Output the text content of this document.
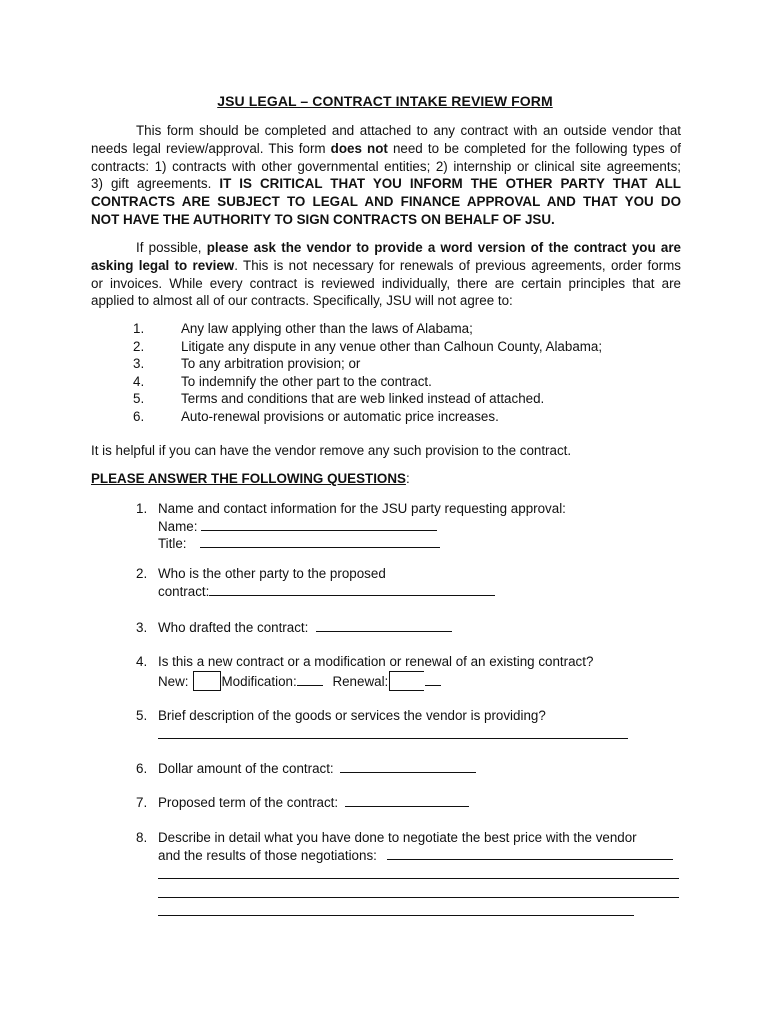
JSU LEGAL – CONTRACT INTAKE REVIEW FORM
This form should be completed and attached to any contract with an outside vendor that
needs legal review/approval. This form does not need to be completed for the following types of
contracts: 1) contracts with other governmental entities; 2) internship or clinical site agreements;
3) gift agreements. IT IS CRITICAL THAT YOU INFORM THE OTHER PARTY THAT ALL
CONTRACTS ARE SUBJECT TO LEGAL AND FINANCE APPROVAL AND THAT YOU DO
NOT HAVE THE AUTHORITY TO SIGN CONTRACTS ON BEHALF OF JSU.
If possible, please ask the vendor to provide a word version of the contract you are
asking legal to review. This is not necessary for renewals of previous agreements, order forms
or invoices. While every contract is reviewed individually, there are certain principles that are
applied to almost all of our contracts. Specifically, JSU will not agree to:
1.	Any law applying other than the laws of Alabama;
2.	Litigate any dispute in any venue other than Calhoun County, Alabama;
3.	To any arbitration provision; or
4.	To indemnify the other part to the contract.
5.	Terms and conditions that are web linked instead of attached.
6.	Auto-renewal provisions or automatic price increases.
It is helpful if you can have the vendor remove any such provision to the contract.
PLEASE ANSWER THE FOLLOWING QUESTIONS:
1. Name and contact information for the JSU party requesting approval:
Name:
Title:
2. Who is the other party to the proposed
contract:
3. Who drafted the contract:
4. Is this a new contract or a modification or renewal of an existing contract?
New: Modification:	Renewal:
5. Brief description of the goods or services the vendor is providing?
6. Dollar amount of the contract:
7. Proposed term of the contract:
8. Describe in detail what you have done to negotiate the best price with the vendor
and the results of those negotiations:
